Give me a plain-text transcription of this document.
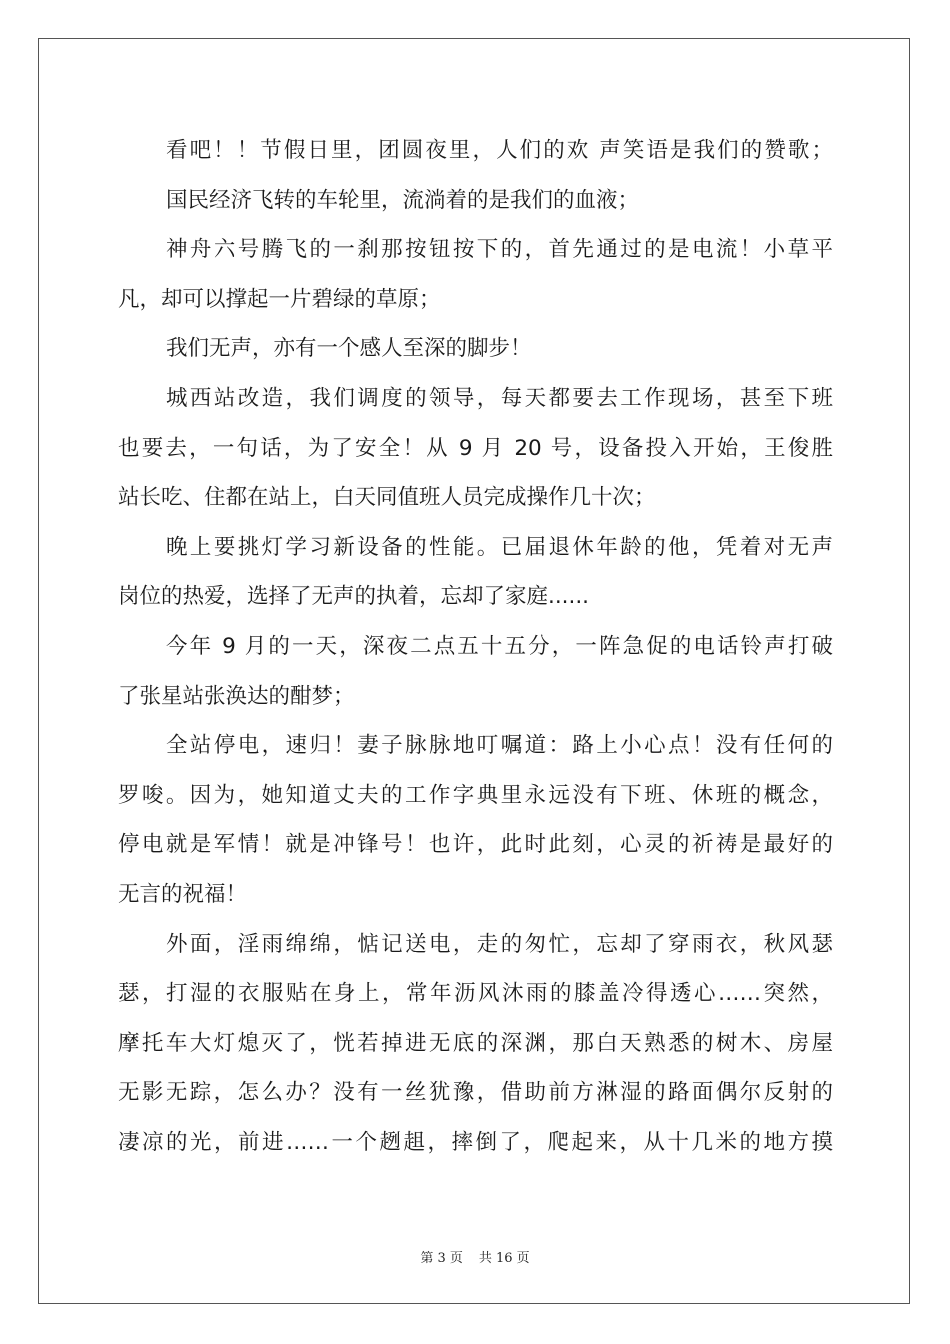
看吧！！节假日里，团圆夜里，人们的欢 声笑语是我们的赞歌；
国民经济飞转的车轮里，流淌着的是我们的血液；
神舟六号腾飞的一刹那按钮按下的，首先通过的是电流！小草平
凡，却可以撑起一片碧绿的草原；
我们无声，亦有一个感人至深的脚步！
城西站改造，我们调度的领导，每天都要去工作现场，甚至下班
也要去，一句话，为了安全！从 9 月 20 号，设备投入开始，王俊胜
站长吃、住都在站上，白天同值班人员完成操作几十次；
晚上要挑灯学习新设备的性能。已届退休年龄的他，凭着对无声
岗位的热爱，选择了无声的执着，忘却了家庭......
今年 9 月的一天，深夜二点五十五分，一阵急促的电话铃声打破
了张星站张涣达的酣梦；
全站停电，速归！妻子脉脉地叮嘱道：路上小心点！没有任何的
罗唆。因为，她知道丈夫的工作字典里永远没有下班、休班的概念，
停电就是军情！就是冲锋号！也许，此时此刻，心灵的祈祷是最好的
无言的祝福！
外面，淫雨绵绵，惦记送电，走的匆忙，忘却了穿雨衣，秋风瑟
瑟，打湿的衣服贴在身上，常年沥风沐雨的膝盖冷得透心……突然，
摩托车大灯熄灭了，恍若掉进无底的深渊，那白天熟悉的树木、房屋
无影无踪，怎么办？没有一丝犹豫，借助前方淋湿的路面偶尔反射的
凄凉的光，前进……一个趔趄，摔倒了，爬起来，从十几米的地方摸
第 3 页 共 16 页
